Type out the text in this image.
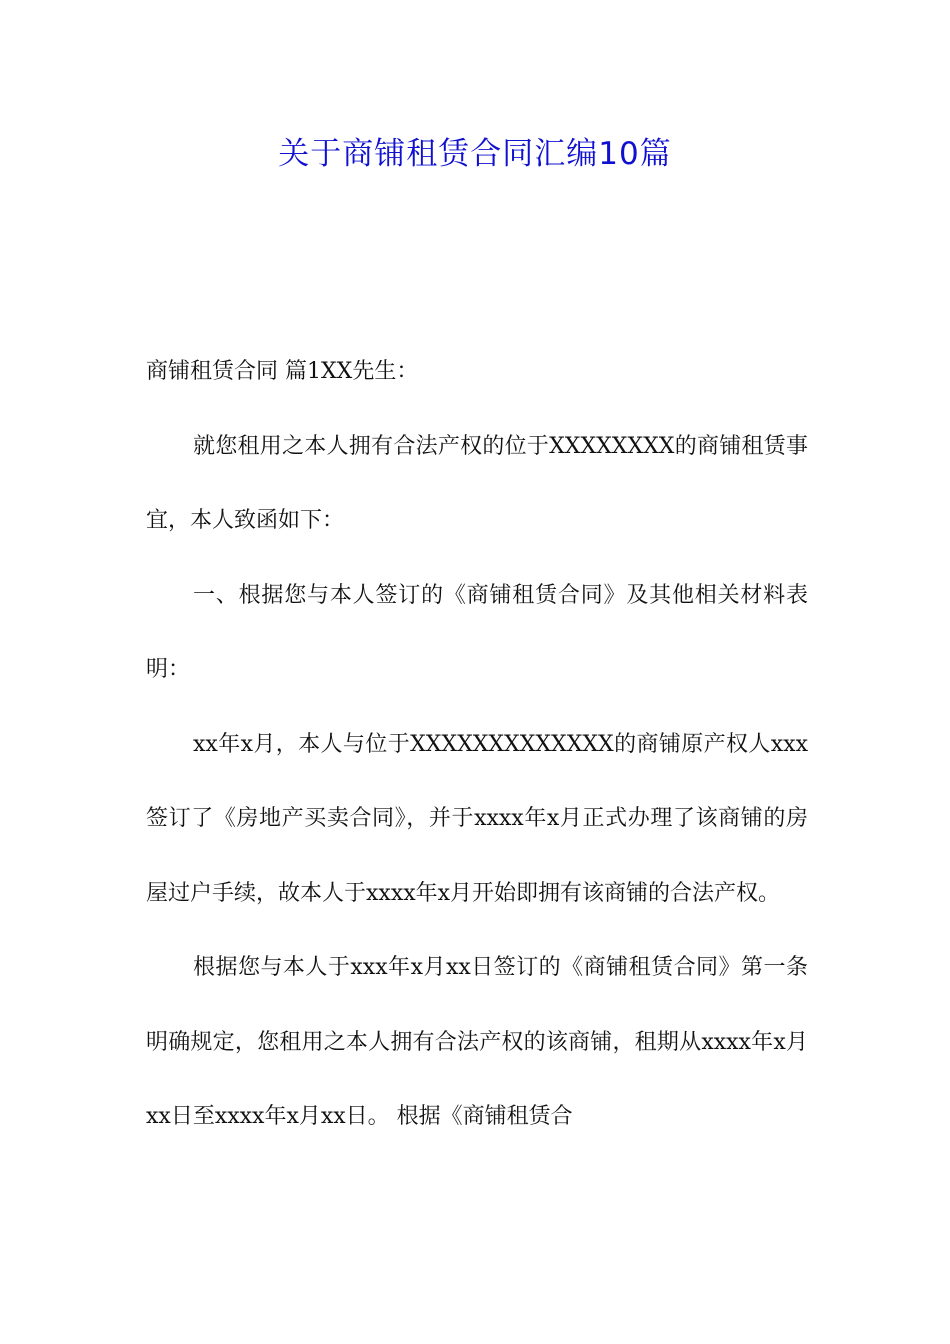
关于商铺租赁合同汇编10篇

商铺租赁合同 篇1XX先生：

就您租用之本人拥有合法产权的位于XXXXXXXX的商铺租赁事宜，本人致函如下：

一、根据您与本人签订的《商铺租赁合同》及其他相关材料表明：

xx年x月，本人与位于XXXXXXXXXXXXX的商铺原产权人xxx签订了《房地产买卖合同》，并于xxxx年x月正式办理了该商铺的房屋过户手续，故本人于xxxx年x月开始即拥有该商铺的合法产权。

根据您与本人于xxx年x月xx日签订的《商铺租赁合同》第一条明确规定，您租用之本人拥有合法产权的该商铺，租期从xxxx年x月xx日至xxxx年x月xx日。 根据《商铺租赁合
